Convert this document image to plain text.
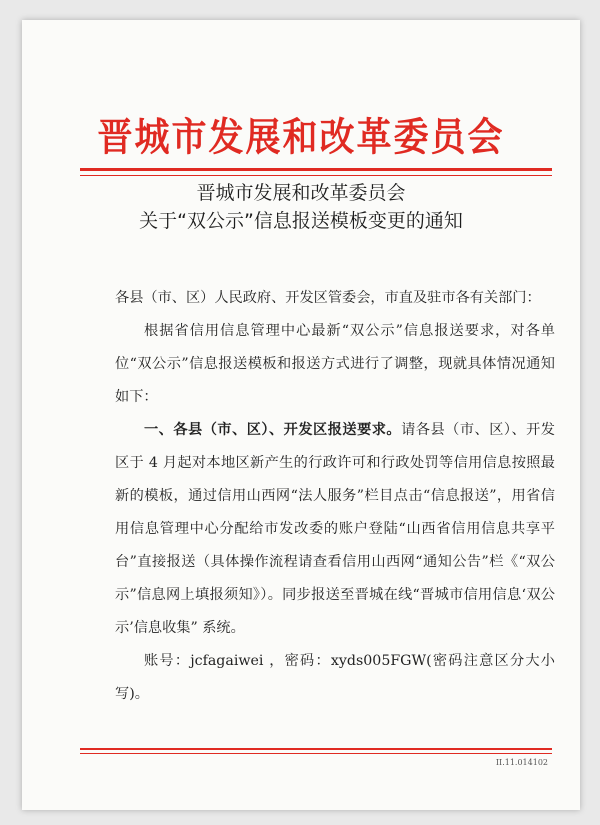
晋城市发展和改革委员会
晋城市发展和改革委员会
关于“双公示”信息报送模板变更的通知

各县（市、区）人民政府、开发区管委会，市直及驻市各有关部门：

根据省信用信息管理中心最新“双公示”信息报送要求，对各单位“双公示”信息报送模板和报送方式进行了调整，现就具体情况通知如下：

一、各县（市、区）、开发区报送要求。请各县（市、区）、开发区于 4 月起对本地区新产生的行政许可和行政处罚等信用信息按照最新的模板，通过信用山西网“法人服务”栏目点击“信息报送”，用省信用信息管理中心分配给市发改委的账户登陆“山西省信用信息共享平台”直接报送（具体操作流程请查看信用山西网“通知公告”栏《“双公示”信息网上填报须知》）。同步报送至晋城在线“晋城市信用信息‘双公示’信息收集” 系统。

账号：jcfagaiwei ，密码：xyds005FGW(密码注意区分大小写)。

II.11.014102
